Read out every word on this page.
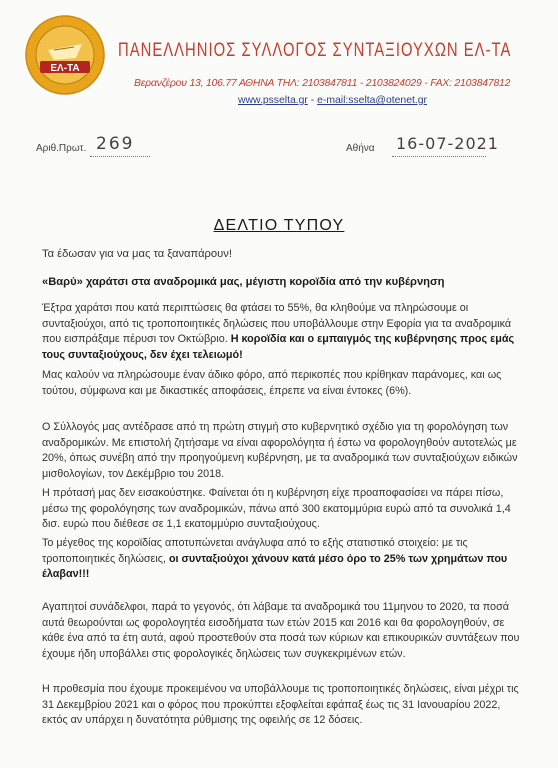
ΕΛ-ΤΑ
ΠΑΝΕΛΛΗΝΙΟΣ ΣΥΛΛΟΓΟΣ ΣΥΝΤΑΞΙΟΥΧΩΝ ΕΛ-ΤΑ
Βερανζέρου 13, 106.77 ΑΘΗΝΑ ΤΗΛ: 2103847811 - 2103824029 - FAX: 2103847812
www.psselta.gr - e-mail:sselta@otenet.gr
Αριθ.Πρωτ. 269	Αθήνα 16-07-2021
ΔΕΛΤΙΟ ΤΥΠΟΥ
Τα έδωσαν για να μας τα ξαναπάρουν!
«Βαρύ» χαράτσι στα αναδρομικά μας, μέγιστη κοροϊδία από την κυβέρνηση
Έξτρα χαράτσι που κατά περιπτώσεις θα φτάσει το 55%, θα κληθούμε να πληρώσουμε οι συνταξιούχοι, από τις τροποποιητικές δηλώσεις που υποβάλλουμε στην Εφορία για τα αναδρομικά που εισπράξαμε πέρυσι τον Οκτώβριο. Η κοροϊδία και ο εμπαιγμός της κυβέρνησης προς εμάς τους συνταξιούχους, δεν έχει τελειωμό!
Μας καλούν να πληρώσουμε έναν άδικο φόρο, από περικοπές που κρίθηκαν παράνομες, και ως τούτου, σύμφωνα και με δικαστικές αποφάσεις, έπρεπε να είναι έντοκες (6%).
Ο Σύλλογός μας αντέδρασε από τη πρώτη στιγμή στο κυβερνητικό σχέδιο για τη φορολόγηση των αναδρομικών. Με επιστολή ζητήσαμε να είναι αφορολόγητα ή έστω να φορολογηθούν αυτοτελώς με 20%, όπως συνέβη από την προηγούμενη κυβέρνηση, με τα αναδρομικά των συνταξιούχων ειδικών μισθολογίων, τον Δεκέμβριο του 2018.
Η πρότασή μας δεν εισακούστηκε. Φαίνεται ότι η κυβέρνηση είχε προαποφασίσει να πάρει πίσω, μέσω της φορολόγησης των αναδρομικών, πάνω από 300 εκατομμύρια ευρώ από τα συνολικά 1,4 δισ. ευρώ που διέθεσε σε 1,1 εκατομμύριο συνταξιούχους.
Το μέγεθος της κοροϊδίας αποτυπώνεται ανάγλυφα από το εξής στατιστικό στοιχείο: με τις τροποποιητικές δηλώσεις, οι συνταξιούχοι χάνουν κατά μέσο όρο το 25% των χρημάτων που έλαβαν!!!
Αγαπητοί συνάδελφοι, παρά το γεγονός, ότι λάβαμε τα αναδρομικά του 11μηνου το 2020, τα ποσά αυτά θεωρούνται ως φορολογητέα εισοδήματα των ετών 2015 και 2016 και θα φορολογηθούν, σε κάθε ένα από τα έτη αυτά, αφού προστεθούν στα ποσά των κύριων και επικουρικών συντάξεων που έχουμε ήδη υποβάλλει στις φορολογικές δηλώσεις των συγκεκριμένων ετών.
Η προθεσμία που έχουμε προκειμένου να υποβάλλουμε τις τροποποιητικές δηλώσεις, είναι μέχρι τις 31 Δεκεμβρίου 2021 και ο φόρος που προκύπτει εξοφλείται εφάπαξ έως τις 31 Ιανουαρίου 2022, εκτός αν υπάρχει η δυνατότητα ρύθμισης της οφειλής σε 12 δόσεις.
